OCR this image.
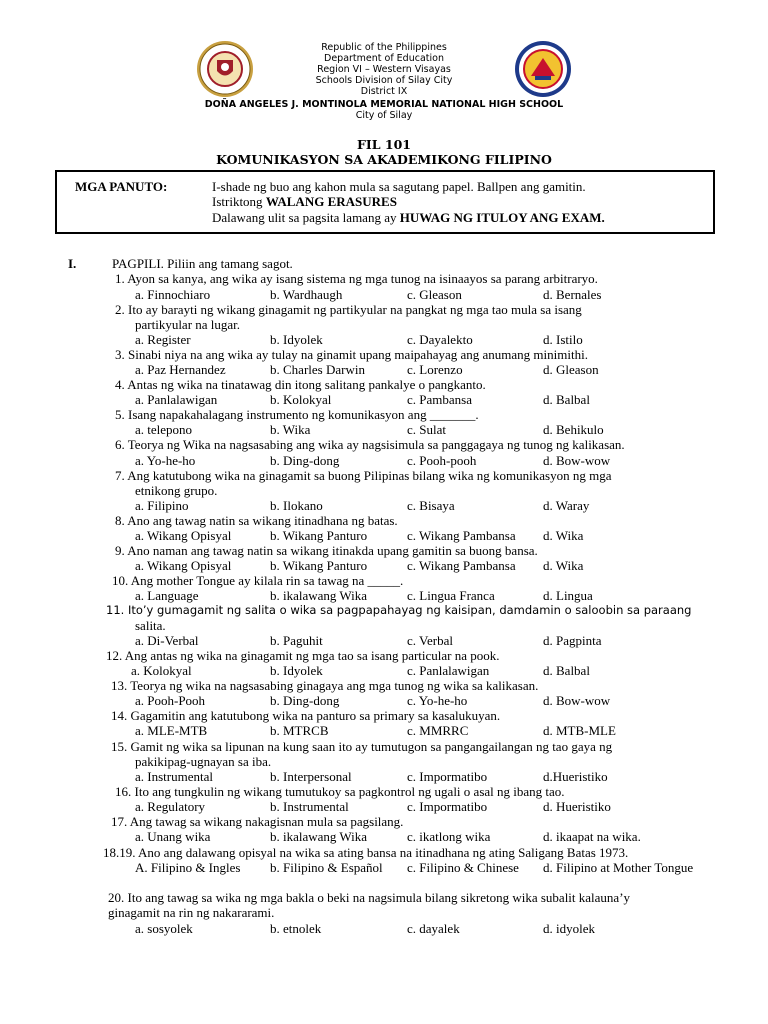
Republic of the Philippines
Department of Education
Region VI – Western Visayas
Schools Division of Silay City
District IX
DOÑA ANGELES J. MONTINOLA MEMORIAL NATIONAL HIGH SCHOOL
City of Silay
FIL 101
KOMUNIKASYON SA AKADEMIKONG FILIPINO
MGA PANUTO:	I-shade ng buo ang kahon mula sa sagutang papel. Ballpen ang gamitin.
Istriktong WALANG ERASURES
Dalawang ulit sa pagsita lamang ay HUWAG NG ITULOY ANG EXAM.
I.	PAGPILI. Piliin ang tamang sagot.
1. Ayon sa kanya, ang wika ay isang sistema ng mga tunog na isinaayos sa parang arbitraryo.
a. Finnochiaro	b. Wardhaugh	c. Gleason	d. Bernales
2. Ito ay barayti ng wikang ginagamit ng partikyular na pangkat ng mga tao mula sa isang
partikyular na lugar.
a. Register	b. Idyolek	c. Dayalekto	d. Istilo
3. Sinabi niya na ang wika ay tulay na ginamit upang maipahayag ang anumang minimithi.
a. Paz Hernandez	b. Charles Darwin	c. Lorenzo	d. Gleason
4. Antas ng wika na tinatawag din itong salitang pankalye o pangkanto.
a. Panlalawigan	b. Kolokyal	c. Pambansa	d. Balbal
5. Isang napakahalagang instrumento ng komunikasyon ang _______.
a. telepono	b. Wika	c. Sulat	d. Behikulo
6. Teorya ng Wika na nagsasabing ang wika ay nagsisimula sa panggagaya ng tunog ng kalikasan.
a. Yo-he-ho	b. Ding-dong	c. Pooh-pooh	d. Bow-wow
7. Ang katutubong wika na ginagamit sa buong Pilipinas bilang wika ng komunikasyon ng mga
etnikong grupo.
a. Filipino	b. Ilokano	c. Bisaya	d. Waray
8. Ano ang tawag natin sa wikang itinadhana ng batas.
a. Wikang Opisyal	b. Wikang Panturo	c. Wikang Pambansa d. Wika
9. Ano naman ang tawag natin sa wikang itinakda upang gamitin sa buong bansa.
a. Wikang Opisyal	b. Wikang Panturo	c. Wikang Pambansa d. Wika
10. Ang mother Tongue ay kilala rin sa tawag na _____.
a. Language	b. ikalawang Wika	c. Lingua Franca	d. Lingua
11. Ito’y gumagamit ng salita o wika sa pagpapahayag ng kaisipan, damdamin o saloobin sa paraang
salita.
a. Di-Verbal	b. Paguhit	c. Verbal	d. Pagpinta
12. Ang antas ng wika na ginagamit ng mga tao sa isang particular na pook.
a. Kolokyal	b. Idyolek	c. Panlalawigan	d. Balbal
13. Teorya ng wika na nagsasabing ginagaya ang mga tunog ng wika sa kalikasan.
a. Pooh-Pooh	b. Ding-dong	c. Yo-he-ho	d. Bow-wow
14. Gagamitin ang katutubong wika na panturo sa primary sa kasalukuyan.
a. MLE-MTB	b. MTRCB	c. MMRRC	d. MTB-MLE
15. Gamit ng wika sa lipunan na kung saan ito ay tumutugon sa pangangailangan ng tao gaya ng
pakikipag-ugnayan sa iba.
a. Instrumental	b. Interpersonal	c. Impormatibo	d.Hueristiko
16. Ito ang tungkulin ng wikang tumutukoy sa pagkontrol ng ugali o asal ng ibang tao.
a. Regulatory	b. Instrumental	c. Impormatibo	d. Hueristiko
17. Ang tawag sa wikang nakagisnan mula sa pagsilang.
a. Unang wika	b. ikalawang Wika	c. ikatlong wika	d. ikaapat na wika.
18.19. Ano ang dalawang opisyal na wika sa ating bansa na itinadhana ng ating Saligang Batas 1973.
A. Filipino & Ingles b. Filipino & Español c. Filipino & Chinese d. Filipino at Mother Tongue
20. Ito ang tawag sa wika ng mga bakla o beki na nagsimula bilang sikretong wika subalit kalauna’y
ginagamit na rin ng nakararami.
a. sosyolek	b. etnolek	c. dayalek	d. idyolek
